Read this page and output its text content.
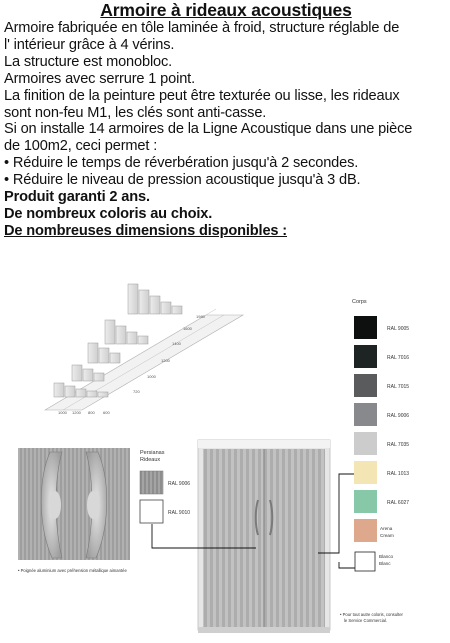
Armoire à rideaux acoustiques

Armoire fabriquée en tôle laminée à froid, structure réglable de

l' intérieur grâce à 4 vérins.

La structure est monobloc.

Armoires avec serrure 1 point.

La finition de la peinture peut être texturée ou lisse, les rideaux

sont non-feu M1, les clés sont anti-casse.

Si on installe 14 armoires de la Ligne Acoustique dans une pièce

de 100m2, ceci permet :

• Réduire le temps de réverbération jusqu'à 2 secondes.

• Réduire le niveau de pression acoustique jusqu'à 3 dB.

Produit garanti 2 ans.

De nombreux coloris au choix.

De nombreuses dimensions disponibles :

1000 1200 800 600
1980
1600
1400
1200
1000
720
• Poignée aluminium avec préhension métallique aimantée
Persianas
Rideaux
RAL 9006
RAL 9010
Corps
RAL 9005
RAL 7016
RAL 7015
RAL 9006
RAL 7035
RAL 1013
RAL 6027
Arena
Cream
Blanco
Blanc
• Pour tout autre coloris, consulter
le Service Commercial.
